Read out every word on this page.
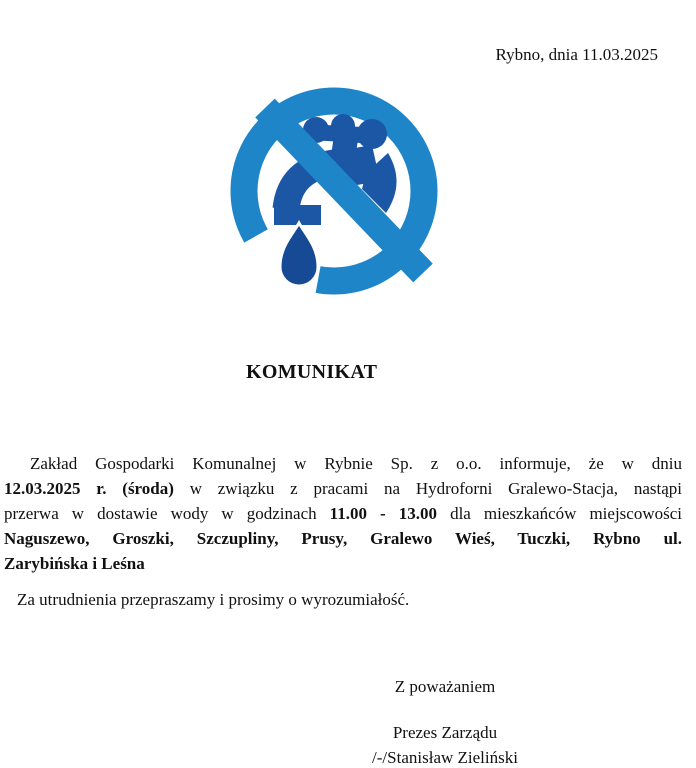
Rybno, dnia 11.03.2025
KOMUNIKAT
Zakład Gospodarki Komunalnej w Rybnie Sp. z o.o. informuje, że w dniu
12.03.2025 r. (środa) w związku z pracami na Hydroforni Gralewo-Stacja, nastąpi
przerwa w dostawie wody w godzinach 11.00 - 13.00 dla mieszkańców miejscowości
Naguszewo, Groszki, Szczupliny, Prusy, Gralewo Wieś, Tuczki, Rybno ul.
Zarybińska i Leśna
Za utrudnienia przepraszamy i prosimy o wyrozumiałość.
Z poważaniem
Prezes Zarządu
/-/Stanisław Zieliński
